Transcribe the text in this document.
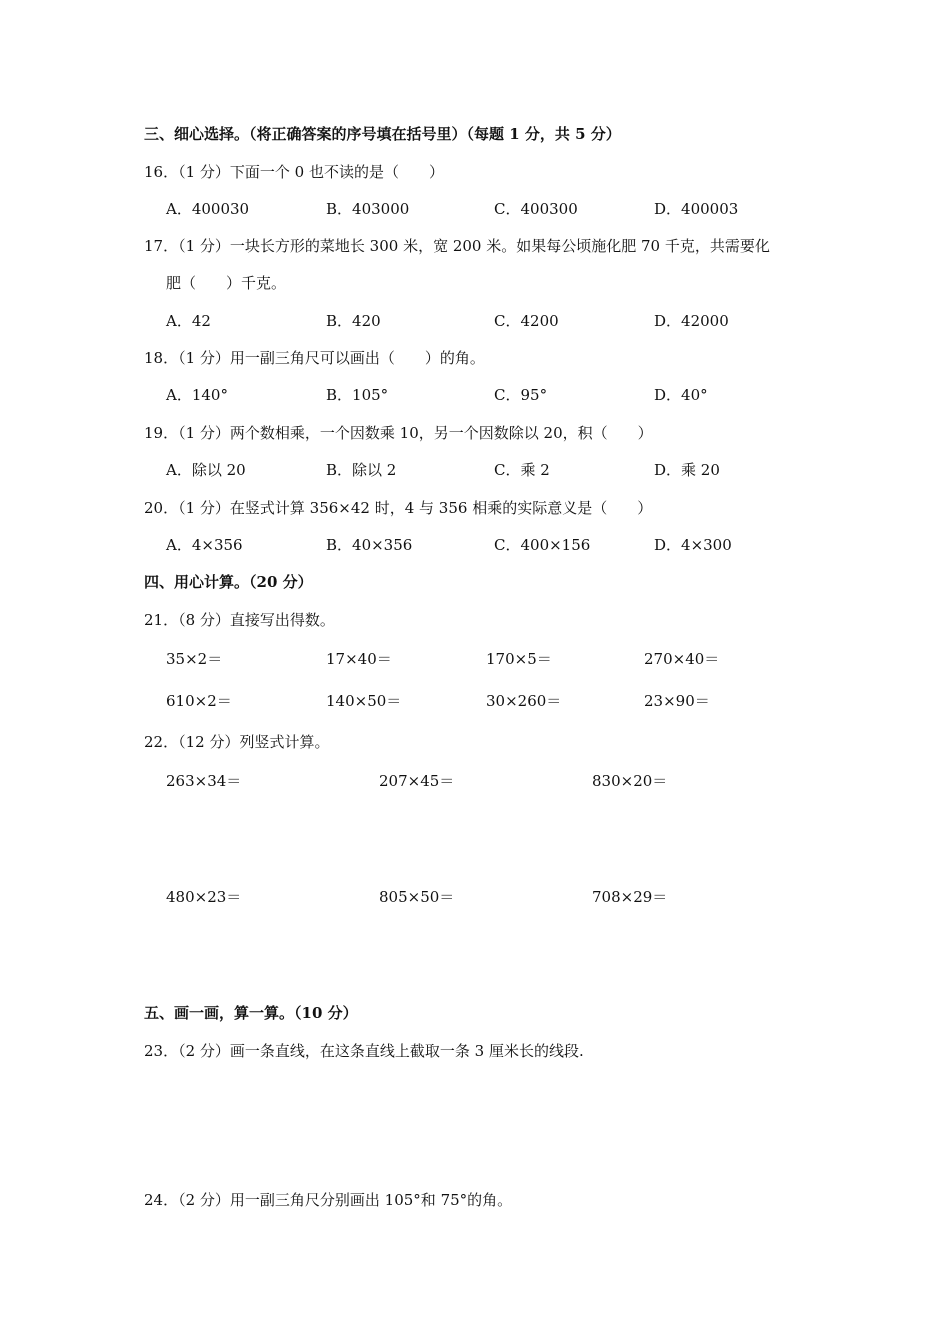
三、细心选择。（将正确答案的序号填在括号里）（每题 1 分，共 5 分）
16．（1 分）下面一个 0 也不读的是（　　）
A．400030	B．403000	C．400300	D．400003
17．（1 分）一块长方形的菜地长 300 米，宽 200 米。如果每公顷施化肥 70 千克，共需要化
肥（　　）千克。
A．42	B．420	C．4200	D．42000
18．（1 分）用一副三角尺可以画出（　　）的角。
A．140°	B．105°	C．95°	D．40°
19．（1 分）两个数相乘，一个因数乘 10，另一个因数除以 20，积（　　）
A．除以 20	B．除以 2	C．乘 2	D．乘 20
20．（1 分）在竖式计算 356×42 时，4 与 356 相乘的实际意义是（　　）
A．4×356	B．40×356	C．400×156	D．4×300
四、用心计算。（20 分）
21．（8 分）直接写出得数。
35×2＝	17×40＝	170×5＝	270×40＝
610×2＝	140×50＝	30×260＝	23×90＝
22．（12 分）列竖式计算。
263×34＝	207×45＝	830×20＝
480×23＝	805×50＝	708×29＝
五、画一画，算一算。（10 分）
23．（2 分）画一条直线，在这条直线上截取一条 3 厘米长的线段.
24．（2 分）用一副三角尺分别画出 105°和 75°的角。
